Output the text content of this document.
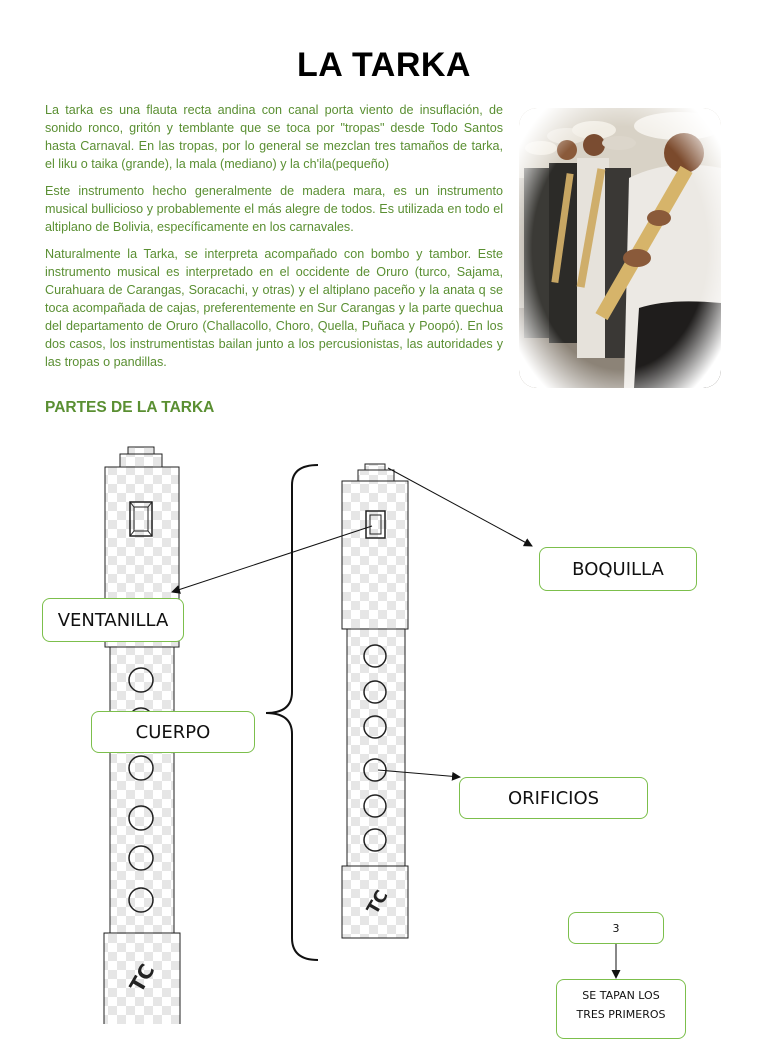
LA TARKA

La tarka es una flauta recta andina con canal porta viento de insuflación, de sonido ronco, gritón y temblante que se toca por "tropas" desde Todo Santos hasta Carnaval. En las tropas, por lo general se mezclan tres tamaños de tarka, el liku o taika (grande), la mala (mediano) y la ch'ila(pequeño)

Este instrumento hecho generalmente de madera mara, es un instrumento musical bullicioso y probablemente el más alegre de todos. Es utilizada en todo el altiplano de Bolivia, específicamente en los carnavales.

Naturalmente la Tarka, se interpreta acompañado con bombo y tambor. Este instrumento musical es interpretado en el occidente de Oruro (turco, Sajama, Curahuara de Carangas, Soracachi, y otras) y el altiplano paceño y la anata q se toca acompañada de cajas, preferentemente en Sur Carangas y la parte quechua del departamento de Oruro (Challacollo, Choro, Quella, Puñaca y Poopó). En los dos casos, los instrumentistas bailan junto a los percusionistas, las autoridades y las tropas o pandillas.

PARTES DE LA TARKA
TC
TC
BOQUILLA
VENTANILLA
CUERPO
ORIFICIOS
3
SE TAPAN LOS
TRES PRIMEROS
